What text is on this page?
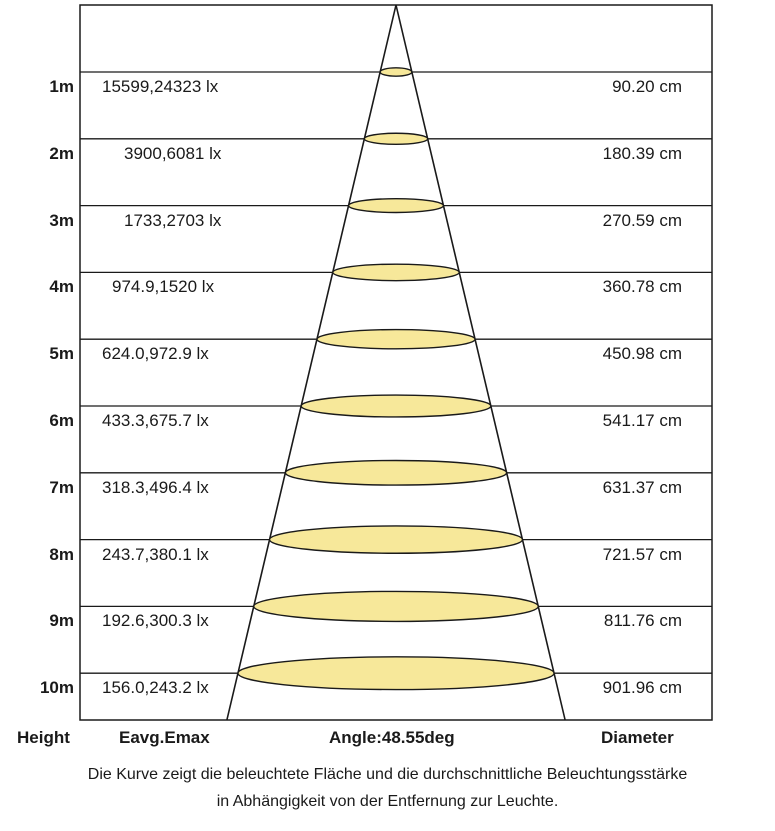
1m 15599,24323 lx	90.20 cm
2m	3900,6081 lx	180.39 cm
3m	1733,2703 lx	270.59 cm
4m 974.9,1520 lx	360.78 cm
5m 624.0,972.9 lx	450.98 cm
6m 433.3,675.7 lx	541.17 cm
7m 318.3,496.4 lx	631.37 cm
8m 243.7,380.1 lx	721.57 cm
9m 192.6,300.3 lx	811.76 cm
10m 156.0,243.2 lx	901.96 cm
Height	Eavg.Emax	Angle:48.55deg	Diameter
Die Kurve zeigt die beleuchtete Fläche und die durchschnittliche Beleuchtungsstärke
in Abhängigkeit von der Entfernung zur Leuchte.
